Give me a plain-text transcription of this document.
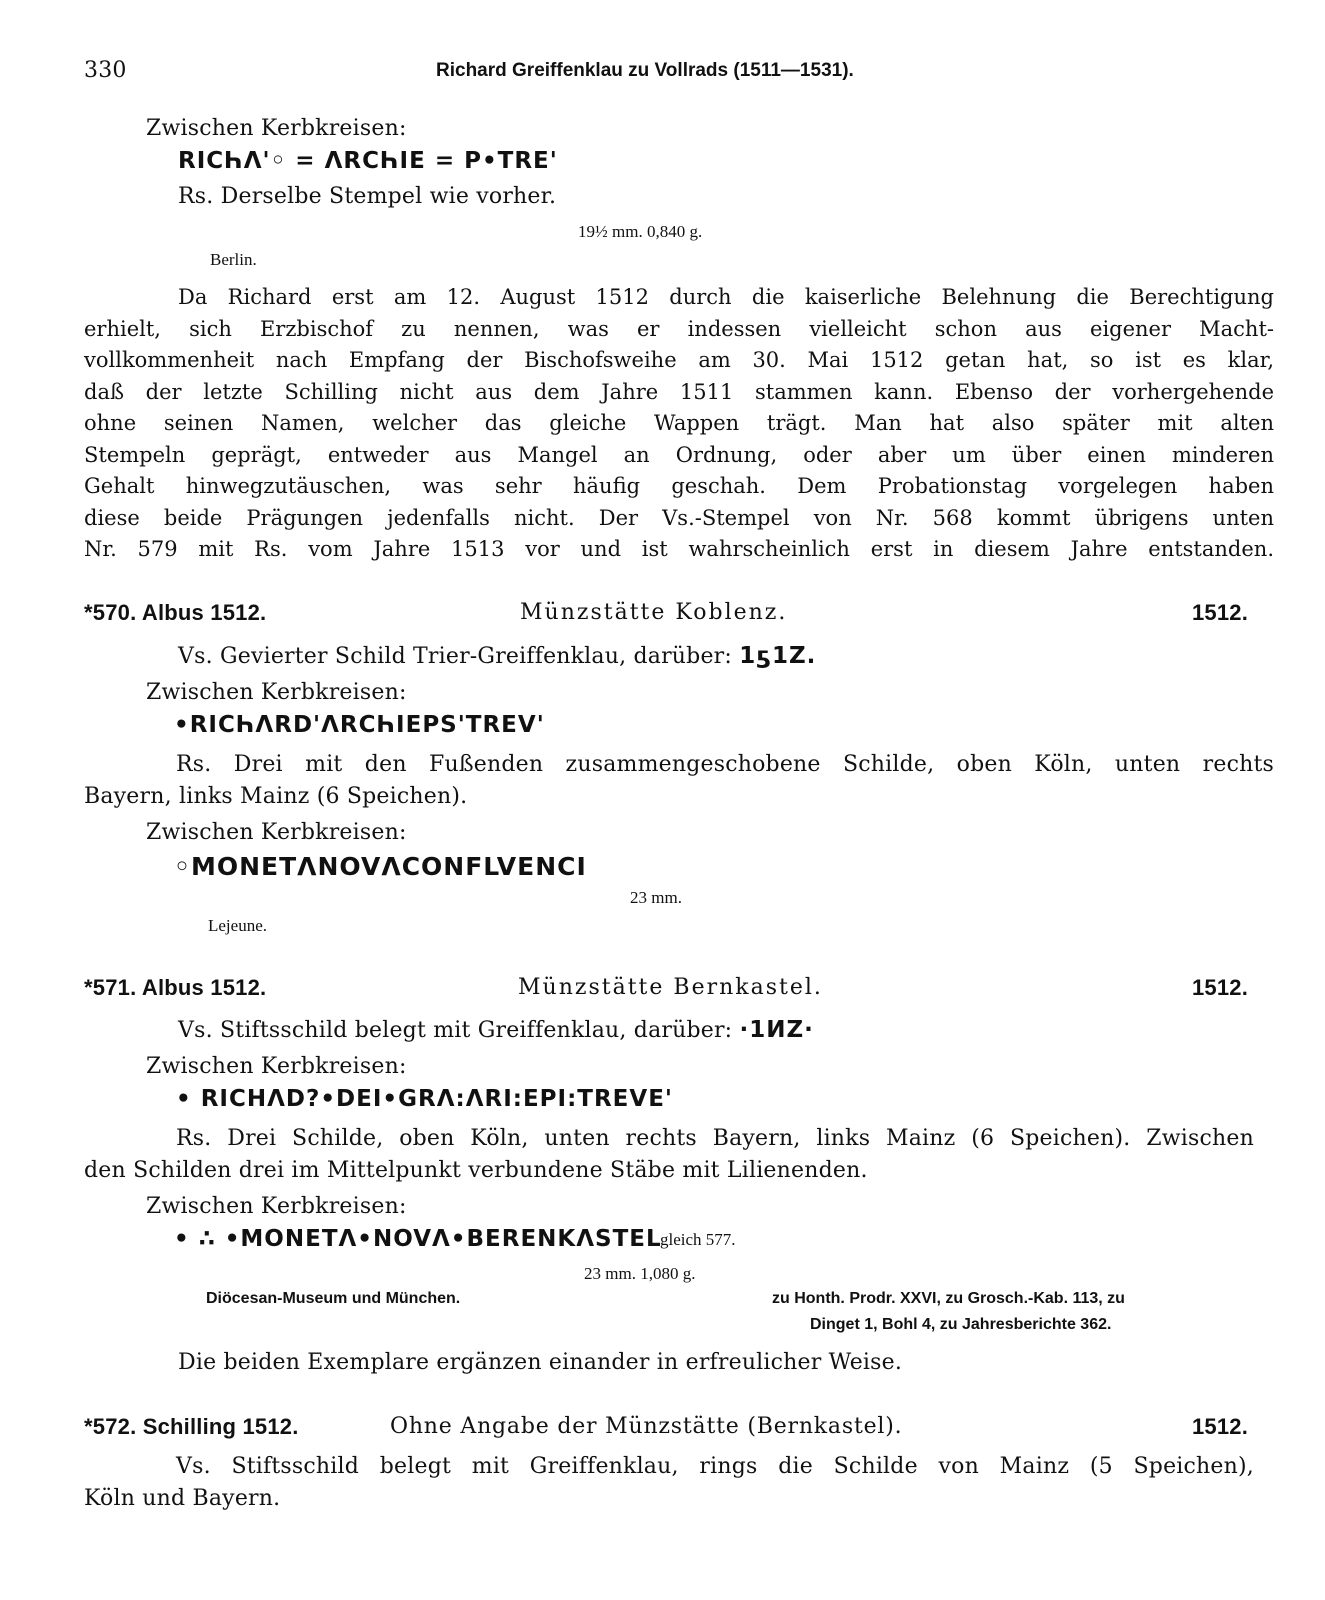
330	Richard Greiffenklau zu Vollrads (1511—1531).
Zwischen Kerbkreisen:
RICҺΛ'◦ = ΛRCҺIE = P•TRE'
Rs. Derselbe Stempel wie vorher.
19½ mm. 0,840 g.
Berlin.
Da Richard erst am 12. August 1512 durch die kaiserliche Belehnung die Berechtigung
erhielt, sich Erzbischof zu nennen, was er indessen vielleicht schon aus eigener Macht-
vollkommenheit nach Empfang der Bischofsweihe am 30. Mai 1512 getan hat, so ist es klar,
daß der letzte Schilling nicht aus dem Jahre 1511 stammen kann. Ebenso der vorhergehende
ohne seinen Namen, welcher das gleiche Wappen trägt. Man hat also später mit alten
Stempeln geprägt, entweder aus Mangel an Ordnung, oder aber um über einen minderen
Gehalt hinwegzutäuschen, was sehr häufig geschah. Dem Probationstag vorgelegen haben
diese beide Prägungen jedenfalls nicht. Der Vs.-Stempel von Nr. 568 kommt übrigens unten
Nr. 579 mit Rs. vom Jahre 1513 vor und ist wahrscheinlich erst in diesem Jahre entstanden.
*570. Albus 1512.	Münzstätte Koblenz.	1512.
Vs. Gevierter Schild Trier-Greiffenklau, darüber: 1ƽ1Z.
Zwischen Kerbkreisen:
•RICҺΛRD'ΛRCҺIEPS'TREV'
Rs. Drei mit den Fußenden zusammengeschobene Schilde, oben Köln, unten rechts
Bayern, links Mainz (6 Speichen).
Zwischen Kerbkreisen:
◦MONETΛNOVΛCONFLVENCI
23 mm.
Lejeune.
*571. Albus 1512.	Münzstätte Bernkastel.	1512.
Vs. Stiftsschild belegt mit Greiffenklau, darüber: ·1ИZ·
Zwischen Kerbkreisen:
• RICHΛD?•DEI•GRΛ:ΛRI:EPI:TREVE'
Rs. Drei Schilde, oben Köln, unten rechts Bayern, links Mainz (6 Speichen). Zwischen
den Schilden drei im Mittelpunkt verbundene Stäbe mit Lilienenden.
Zwischen Kerbkreisen:
• ∴ •MONETΛ•NOVΛ•BERENKΛSTEL
gleich 577.
23 mm. 1,080 g.
Diöcesan-Museum und München.	zu Honth. Prodr. XXVI, zu Grosch.-Kab. 113, zu
Dinget 1, Bohl 4, zu Jahresberichte 362.
Die beiden Exemplare ergänzen einander in erfreulicher Weise.
*572. Schilling 1512.	Ohne Angabe der Münzstätte (Bernkastel).	1512.
Vs. Stiftsschild belegt mit Greiffenklau, rings die Schilde von Mainz (5 Speichen),
Köln und Bayern.
